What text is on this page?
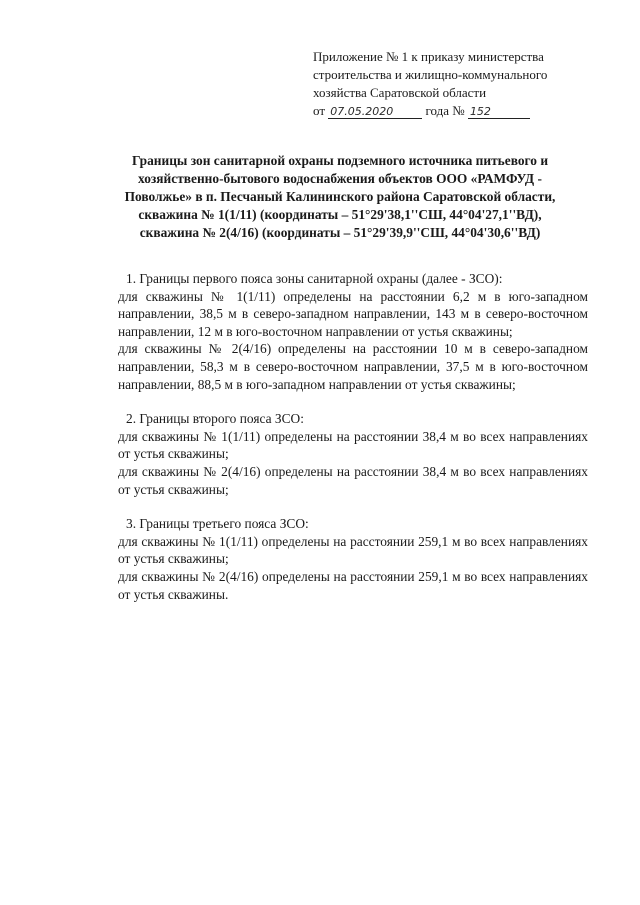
Приложение № 1 к приказу министерства
строительства и жилищно-коммунального
хозяйства Саратовской области
от 07.05.2020 года № 152
Границы зон санитарной охраны подземного источника питьевого и
хозяйственно-бытового водоснабжения объектов ООО «РАМФУД -
Поволжье» в п. Песчаный Калининского района Саратовской области,
скважина № 1(1/11) (координаты – 51°29'38,1''СШ, 44°04'27,1''ВД),
скважина № 2(4/16) (координаты – 51°29'39,9''СШ, 44°04'30,6''ВД)

1. Границы первого пояса зоны санитарной охраны (далее - ЗСО):

для скважины № 1(1/11) определены на расстоянии 6,2 м в юго-западном направлении, 38,5 м в северо-западном направлении, 143 м в северо-восточном направлении, 12 м в юго-восточном направлении от устья скважины;

для скважины № 2(4/16) определены на расстоянии 10 м в северо-западном направлении, 58,3 м в северо-восточном направлении, 37,5 м в юго-восточном направлении, 88,5 м в юго-западном направлении от устья скважины;

2. Границы второго пояса ЗСО:

для скважины № 1(1/11) определены на расстоянии 38,4 м во всех направлениях от устья скважины;

для скважины № 2(4/16) определены на расстоянии 38,4 м во всех направлениях от устья скважины;

3. Границы третьего пояса ЗСО:

для скважины № 1(1/11) определены на расстоянии 259,1 м во всех направлениях от устья скважины;

для скважины № 2(4/16) определены на расстоянии 259,1 м во всех направлениях от устья скважины.
